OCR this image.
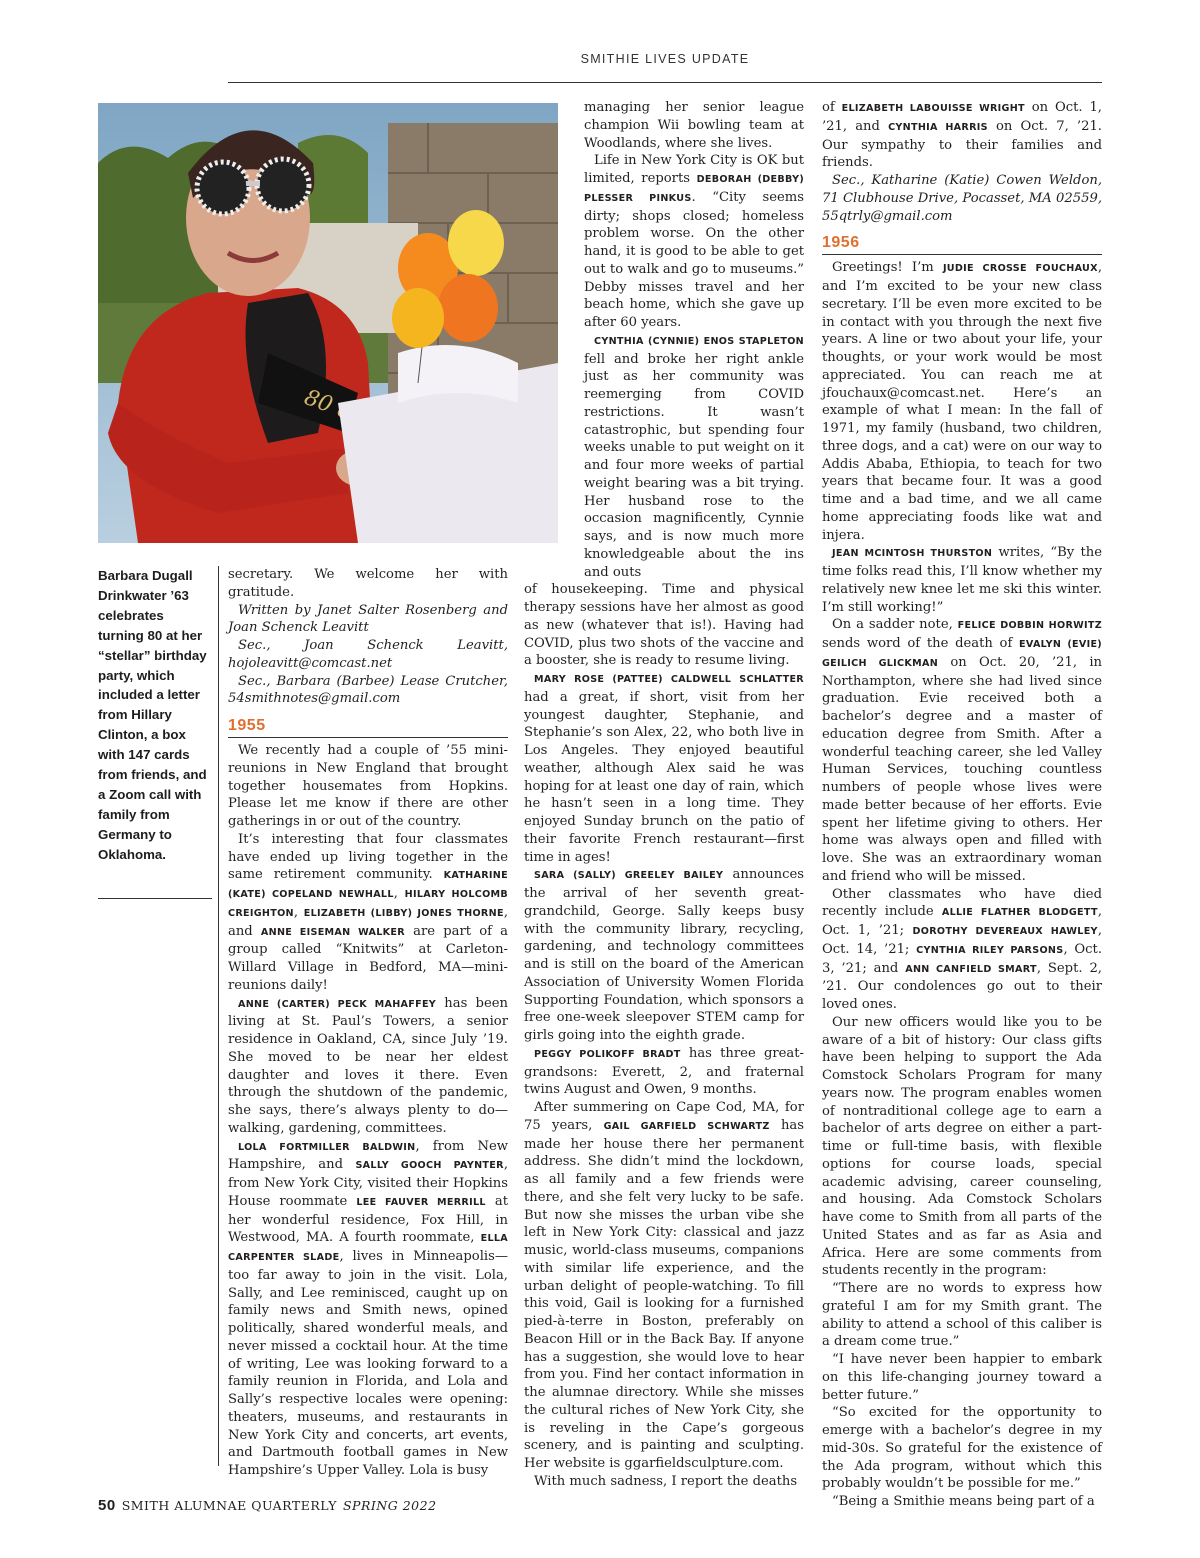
SMITHIE LIVES UPDATE
80
Barbara Dugall Drinkwater ’63 celebrates turning 80 at her “stellar” birthday party, which included a letter from Hillary Clinton, a box with 147 cards from friends, and a Zoom call with family from Germany to Oklahoma.

secretary. We welcome her with gratitude.

Written by Janet Salter Rosenberg and Joan Schenck Leavitt

Sec., Joan Schenck Leavitt, hojoleavitt@comcast.net

Sec., Barbara (Barbee) Lease Crutcher, 54smithnotes@gmail.com

1955

We recently had a couple of ’55 mini-reunions in New England that brought together housemates from Hopkins. Please let me know if there are other gatherings in or out of the country.

It’s interesting that four classmates have ended up living together in the same retirement community. KATHARINE (KATE) COPELAND NEWHALL, HILARY HOLCOMB CREIGHTON, ELIZABETH (LIBBY) JONES THORNE, and ANNE EISEMAN WALKER are part of a group called “Knitwits” at Carleton-Willard Village in Bedford, MA—mini-reunions daily!

ANNE (CARTER) PECK MAHAFFEY has been living at St. Paul’s Towers, a senior residence in Oakland, CA, since July ’19. She moved to be near her eldest daughter and loves it there. Even through the shutdown of the pandemic, she says, there’s always plenty to do—walking, gardening, committees.

LOLA FORTMILLER BALDWIN, from New Hampshire, and SALLY GOOCH PAYNTER, from New York City, visited their Hopkins House roommate LEE FAUVER MERRILL at her wonderful residence, Fox Hill, in Westwood, MA. A fourth roommate, ELLA CARPENTER SLADE, lives in Minneapolis—too far away to join in the visit. Lola, Sally, and Lee reminisced, caught up on family news and Smith news, opined politically, shared wonderful meals, and never missed a cocktail hour. At the time of writing, Lee was looking forward to a family reunion in Florida, and Lola and Sally’s respective locales were opening: theaters, museums, and restaurants in New York City and concerts, art events, and Dartmouth football games in New Hampshire’s Upper Valley. Lola is busy

managing her senior league champion Wii bowling team at Woodlands, where she lives.

Life in New York City is OK but limited, reports DEBORAH (DEBBY) PLESSER PINKUS. “City seems dirty; shops closed; homeless problem worse. On the other hand, it is good to be able to get out to walk and go to museums.” Debby misses travel and her beach home, which she gave up after 60 years.

CYNTHIA (CYNNIE) ENOS STAPLETON fell and broke her right ankle just as her community was reemerging from COVID restrictions. It wasn’t catastrophic, but spending four weeks unable to put weight on it and four more weeks of partial weight bearing was a bit trying. Her husband rose to the occasion magnificently, Cynnie says, and is now much more knowledgeable about the ins and outs

of housekeeping. Time and physical therapy sessions have her almost as good as new (whatever that is!). Having had COVID, plus two shots of the vaccine and a booster, she is ready to resume living.

MARY ROSE (PATTEE) CALDWELL SCHLATTER had a great, if short, visit from her youngest daughter, Stephanie, and Stephanie’s son Alex, 22, who both live in Los Angeles. They enjoyed beautiful weather, although Alex said he was hoping for at least one day of rain, which he hasn’t seen in a long time. They enjoyed Sunday brunch on the patio of their favorite French restaurant—first time in ages!

SARA (SALLY) GREELEY BAILEY announces the arrival of her seventh great-grandchild, George. Sally keeps busy with the community library, recycling, gardening, and technology committees and is still on the board of the American Association of University Women Florida Supporting Foundation, which sponsors a free one-week sleepover STEM camp for girls going into the eighth grade.

PEGGY POLIKOFF BRADT has three great-grandsons: Everett, 2, and fraternal twins August and Owen, 9 months.

After summering on Cape Cod, MA, for 75 years, GAIL GARFIELD SCHWARTZ has made her house there her permanent address. She didn’t mind the lockdown, as all family and a few friends were there, and she felt very lucky to be safe. But now she misses the urban vibe she left in New York City: classical and jazz music, world-class museums, companions with similar life experience, and the urban delight of people-watching. To fill this void, Gail is looking for a furnished pied-à-terre in Boston, preferably on Beacon Hill or in the Back Bay. If anyone has a suggestion, she would love to hear from you. Find her contact information in the alumnae directory. While she misses the cultural riches of New York City, she is reveling in the Cape’s gorgeous scenery, and is painting and sculpting. Her website is ggarfieldsculpture.com.

With much sadness, I report the deaths

of ELIZABETH LABOUISSE WRIGHT on Oct. 1, ’21, and CYNTHIA HARRIS on Oct. 7, ’21. Our sympathy to their families and friends.

Sec., Katharine (Katie) Cowen Weldon, 71 Clubhouse Drive, Pocasset, MA 02559, 55qtrly@gmail.com

1956

Greetings! I’m JUDIE CROSSE FOUCHAUX, and I’m excited to be your new class secretary. I’ll be even more excited to be in contact with you through the next five years. A line or two about your life, your thoughts, or your work would be most appreciated. You can reach me at jfouchaux@comcast.net. Here’s an example of what I mean: In the fall of 1971, my family (husband, two children, three dogs, and a cat) were on our way to Addis Ababa, Ethiopia, to teach for two years that became four. It was a good time and a bad time, and we all came home appreciating foods like wat and injera.

JEAN MCINTOSH THURSTON writes, “By the time folks read this, I’ll know whether my relatively new knee let me ski this winter. I’m still working!”

On a sadder note, FELICE DOBBIN HORWITZ sends word of the death of EVALYN (EVIE) GEILICH GLICKMAN on Oct. 20, ’21, in Northampton, where she had lived since graduation. Evie received both a bachelor’s degree and a master of education degree from Smith. After a wonderful teaching career, she led Valley Human Services, touching countless numbers of people whose lives were made better because of her efforts. Evie spent her lifetime giving to others. Her home was always open and filled with love. She was an extraordinary woman and friend who will be missed.

Other classmates who have died recently include ALLIE FLATHER BLODGETT, Oct. 1, ’21; DOROTHY DEVEREAUX HAWLEY, Oct. 14, ’21; CYNTHIA RILEY PARSONS, Oct. 3, ’21; and ANN CANFIELD SMART, Sept. 2, ’21. Our condolences go out to their loved ones.

Our new officers would like you to be aware of a bit of history: Our class gifts have been helping to support the Ada Comstock Scholars Program for many years now. The program enables women of nontraditional college age to earn a bachelor of arts degree on either a part-time or full-time basis, with flexible options for course loads, special academic advising, career counseling, and housing. Ada Comstock Scholars have come to Smith from all parts of the United States and as far as Asia and Africa. Here are some comments from students recently in the program:

“There are no words to express how grateful I am for my Smith grant. The ability to attend a school of this caliber is a dream come true.”

“I have never been happier to embark on this life-changing journey toward a better future.”

“So excited for the opportunity to emerge with a bachelor’s degree in my mid-30s. So grateful for the existence of the Ada program, without which this probably wouldn’t be possible for me.”

“Being a Smithie means being part of a

50 SMITH ALUMNAE QUARTERLY SPRING 2022
